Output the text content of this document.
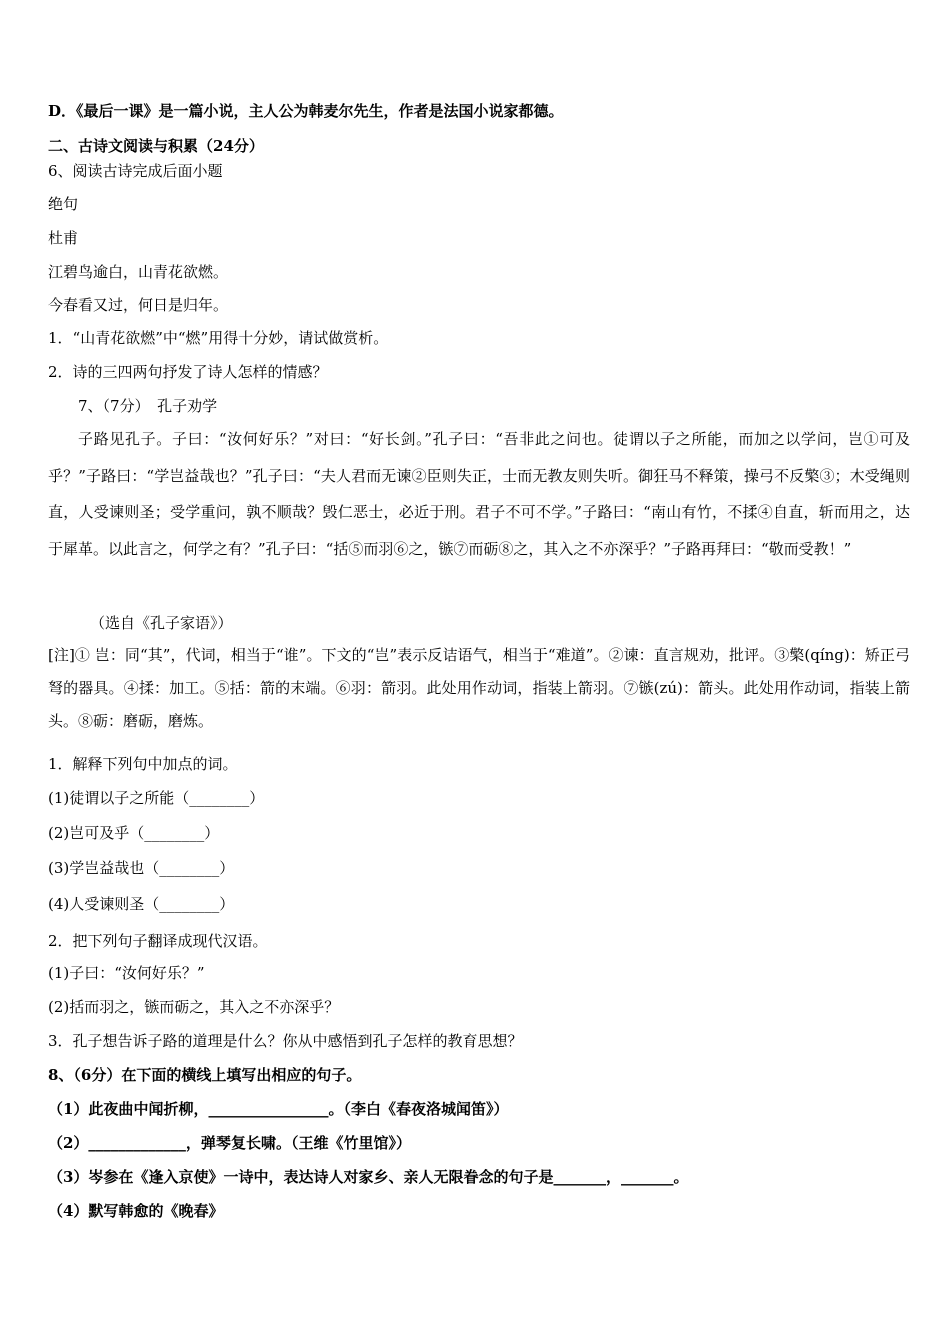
D．《最后一课》是一篇小说，主人公为韩麦尔先生，作者是法国小说家都德。
二、古诗文阅读与积累（24分）
6、阅读古诗完成后面小题
绝句
杜甫
江碧鸟逾白，山青花欲燃。
今春看又过，何日是归年。
1．“山青花欲燃”中“燃”用得十分妙，请试做赏析。
2．诗的三四两句抒发了诗人怎样的情感？
7、（7分）　孔子劝学
子路见孔子。子曰：“汝何好乐？”对曰：“好长剑。”孔子曰：“吾非此之问也。徒谓以子之所能，而加之以学问，岂①可及乎？”子路曰：“学岂益哉也？”孔子曰：“夫人君而无谏②臣则失正，士而无教友则失听。御狂马不释策，操弓不反檠③；木受绳则直，人受谏则圣；受学重问，孰不顺哉？毁仁恶士，必近于刑。君子不可不学。”子路曰：“南山有竹，不揉④自直，斩而用之，达于犀革。以此言之，何学之有？”孔子曰：“括⑤而羽⑥之，镞⑦而砺⑧之，其入之不亦深乎？”子路再拜曰：“敬而受教！”
（选自《孔子家语》）
[注]① 岂：同“其”，代词，相当于“谁”。下文的“岂”表示反诘语气，相当于“难道”。②谏：直言规劝，批评。③檠(qíng)：矫正弓弩的器具。④揉：加工。⑤括：箭的末端。⑥羽：箭羽。此处用作动词，指装上箭羽。⑦镞(zú)：箭头。此处用作动词，指装上箭头。⑧砺：磨砺，磨炼。
1．解释下列句中加点的词。
(1)徒谓以子之所能（________）
(2)岂可及乎（________）
(3)学岂益哉也（________）
(4)人受谏则圣（________）
2．把下列句子翻译成现代汉语。
(1)子曰：“汝何好乐？”
(2)括而羽之，镞而砺之，其入之不亦深乎？
3．孔子想告诉子路的道理是什么？你从中感悟到孔子怎样的教育思想？
8、（6分）在下面的横线上填写出相应的句子。
（1）此夜曲中闻折柳，________________。（李白《春夜洛城闻笛》）
（2）_____________，弹琴复长啸。（王维《竹里馆》）
（3）岑参在《逢入京使》一诗中，表达诗人对家乡、亲人无限眷念的句子是_______，_______。
（4）默写韩愈的《晚春》
